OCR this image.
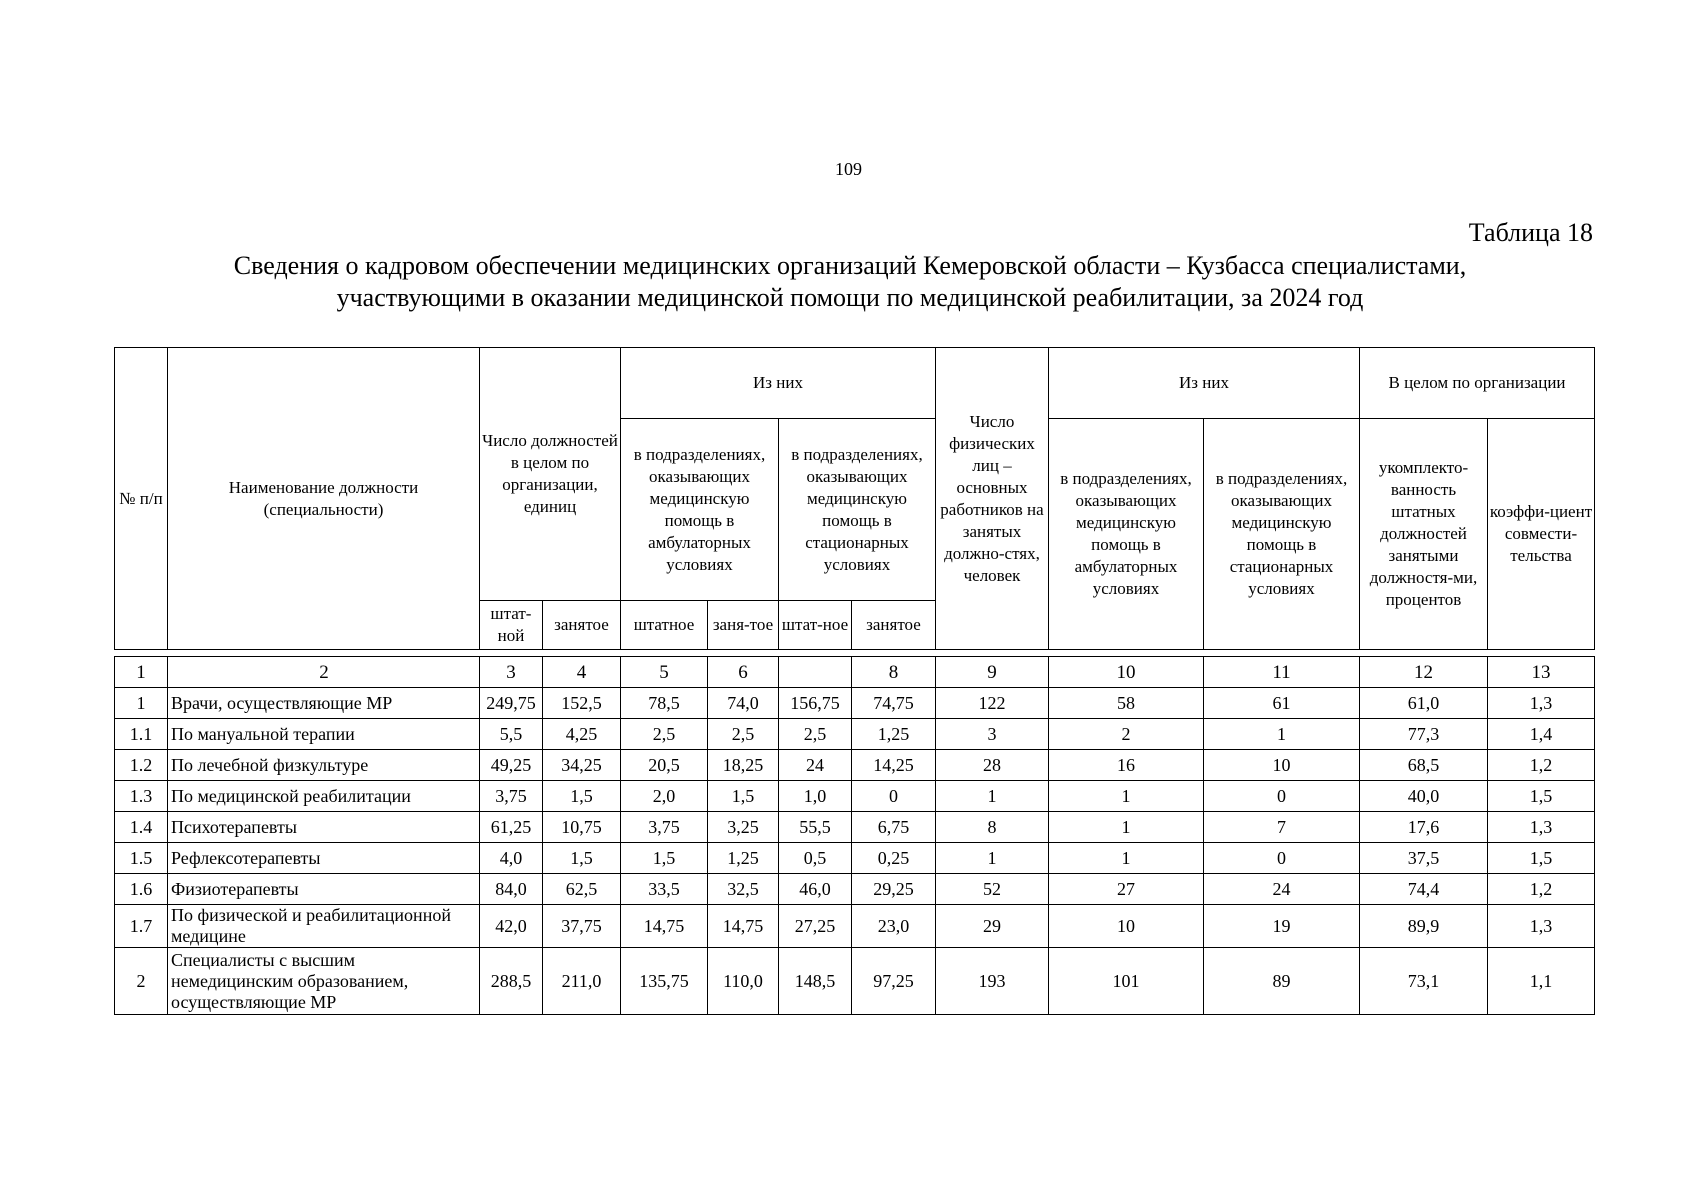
109
Таблица 18
Сведения о кадровом обеспечении медицинских организаций Кемеровской области – Кузбасса специалистами,
участвующими в оказании медицинской помощи по медицинской реабилитации, за 2024 год
№ п/п	Наименование должности (специальности)	Число должностей в целом по организации, единиц		Из них				Число физических лиц – основных работников на занятых должно-стях, человек	Из них		В целом по организации	
				в подразделениях, оказывающих медицинскую помощь в амбулаторных условиях		в подразделениях, оказывающих медицинскую помощь в стационарных условиях			в подразделениях, оказывающих медицинскую помощь в амбулаторных условиях	в подразделениях, оказывающих медицинскую помощь в стационарных условиях	укомплекто-ванность штатных должностей занятыми должностя-ми, процентов	коэффи-циент совмести-тельства
		штат-ной	занятое	штатное	заня-тое	штат-ное	занятое					
1	2	3	4	5	6		8	9	10	11	12	13
1	Врачи, осуществляющие МР	249,75	152,5	78,5	74,0	156,75	74,75	122	58	61	61,0	1,3
1.1	По мануальной терапии	5,5	4,25	2,5	2,5	2,5	1,25	3	2	1	77,3	1,4
1.2	По лечебной физкультуре	49,25	34,25	20,5	18,25	24	14,25	28	16	10	68,5	1,2
1.3	По медицинской реабилитации	3,75	1,5	2,0	1,5	1,0	0	1	1	0	40,0	1,5
1.4	Психотерапевты	61,25	10,75	3,75	3,25	55,5	6,75	8	1	7	17,6	1,3
1.5	Рефлексотерапевты	4,0	1,5	1,5	1,25	0,5	0,25	1	1	0	37,5	1,5
1.6	Физиотерапевты	84,0	62,5	33,5	32,5	46,0	29,25	52	27	24	74,4	1,2
1.7	По физической и реабилитационной медицине	42,0	37,75	14,75	14,75	27,25	23,0	29	10	19	89,9	1,3
2	Специалисты с высшим немедицинским образованием, осуществляющие МР	288,5	211,0	135,75	110,0	148,5	97,25	193	101	89	73,1	1,1
